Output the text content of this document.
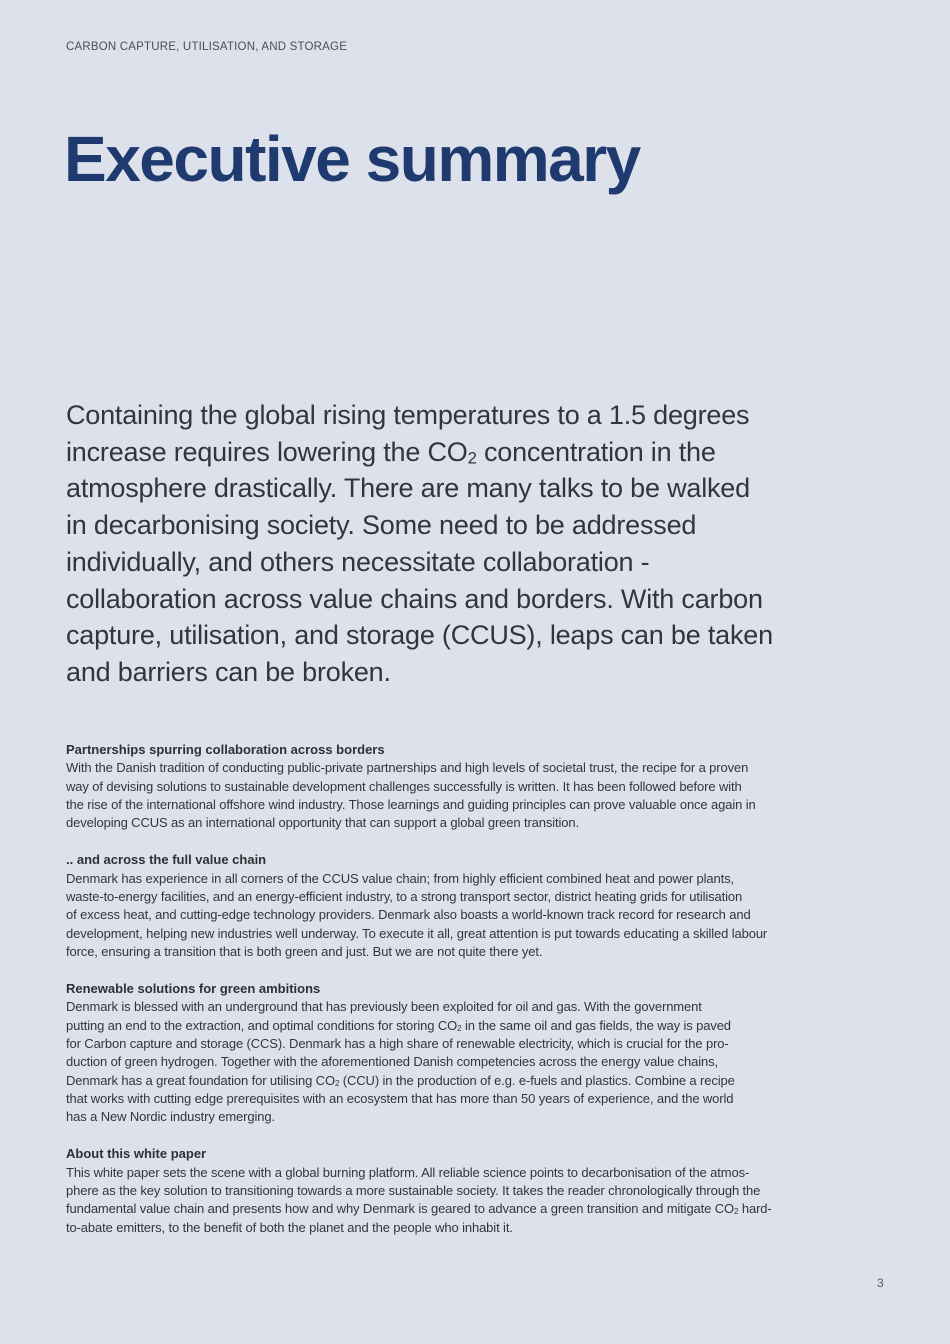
CARBON CAPTURE, UTILISATION, AND STORAGE
Executive summary

Containing the global rising temperatures to a 1.5 degrees
increase requires lowering the $CO_2$ concentration in the
atmosphere drastically. There are many talks to be walked
in decarbonising society. Some need to be addressed
individually, and others necessitate collaboration -
collaboration across value chains and borders. With carbon
capture, utilisation, and storage (CCUS), leaps can be taken
and barriers can be broken.

Partnerships spurring collaboration across borders

With the Danish tradition of conducting public-private partnerships and high levels of societal trust, the recipe for a proven
way of devising solutions to sustainable development challenges successfully is written. It has been followed before with
the rise of the international offshore wind industry. Those learnings and guiding principles can prove valuable once again in
developing CCUS as an international opportunity that can support a global green transition.

.. and across the full value chain

Denmark has experience in all corners of the CCUS value chain; from highly efficient combined heat and power plants,
waste-to-energy facilities, and an energy-efficient industry, to a strong transport sector, district heating grids for utilisation
of excess heat, and cutting-edge technology providers. Denmark also boasts a world-known track record for research and
development, helping new industries well underway. To execute it all, great attention is put towards educating a skilled labour
force, ensuring a transition that is both green and just. But we are not quite there yet.

Renewable solutions for green ambitions

Denmark is blessed with an underground that has previously been exploited for oil and gas. With the government
putting an end to the extraction, and optimal conditions for storing $CO_2$ in the same oil and gas fields, the way is paved
for Carbon capture and storage (CCS). Denmark has a high share of renewable electricity, which is crucial for the pro-
duction of green hydrogen. Together with the aforementioned Danish competencies across the energy value chains,
Denmark has a great foundation for utilising $CO_2$ (CCU) in the production of e.g. e-fuels and plastics. Combine a recipe
that works with cutting edge prerequisites with an ecosystem that has more than 50 years of experience, and the world
has a New Nordic industry emerging.

About this white paper

This white paper sets the scene with a global burning platform. All reliable science points to decarbonisation of the atmos-
phere as the key solution to transitioning towards a more sustainable society. It takes the reader chronologically through the
fundamental value chain and presents how and why Denmark is geared to advance a green transition and mitigate $CO_2$ hard-
to-abate emitters, to the benefit of both the planet and the people who inhabit it.

3
